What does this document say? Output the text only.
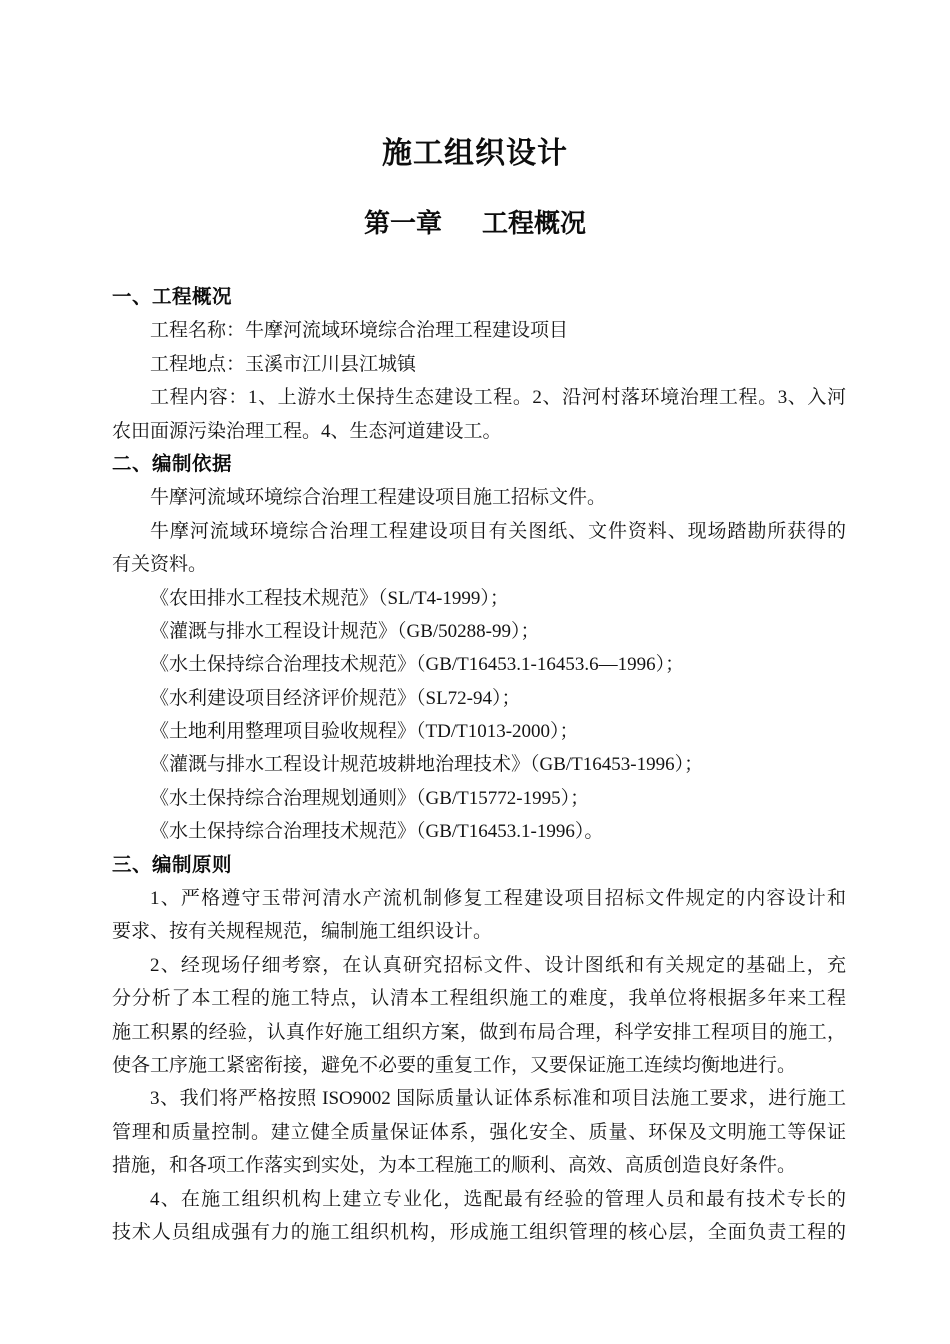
施工组织设计
第一章 工程概况
一、工程概况
工程名称：牛摩河流域环境综合治理工程建设项目
工程地点：玉溪市江川县江城镇
工程内容：1、上游水土保持生态建设工程。2、沿河村落环境治理工程。3、入河
农田面源污染治理工程。4、生态河道建设工。
二、编制依据
牛摩河流域环境综合治理工程建设项目施工招标文件。
牛摩河流域环境综合治理工程建设项目有关图纸、文件资料、现场踏勘所获得的
有关资料。
《农田排水工程技术规范》（SL/T4-1999）；
《灌溉与排水工程设计规范》（GB/50288-99）；
《水土保持综合治理技术规范》（GB/T16453.1-16453.6—1996）；
《水利建设项目经济评价规范》（SL72-94）；
《土地利用整理项目验收规程》（TD/T1013-2000）；
《灌溉与排水工程设计规范坡耕地治理技术》（GB/T16453-1996）；
《水土保持综合治理规划通则》（GB/T15772-1995）；
《水土保持综合治理技术规范》（GB/T16453.1-1996）。
三、编制原则
1、严格遵守玉带河清水产流机制修复工程建设项目招标文件规定的内容设计和
要求、按有关规程规范，编制施工组织设计。
2、经现场仔细考察，在认真研究招标文件、设计图纸和有关规定的基础上，充
分分析了本工程的施工特点，认清本工程组织施工的难度，我单位将根据多年来工程
施工积累的经验，认真作好施工组织方案，做到布局合理，科学安排工程项目的施工，
使各工序施工紧密衔接，避免不必要的重复工作，又要保证施工连续均衡地进行。
3、我们将严格按照 ISO9002 国际质量认证体系标准和项目法施工要求，进行施工
管理和质量控制。建立健全质量保证体系，强化安全、质量、环保及文明施工等保证
措施，和各项工作落实到实处，为本工程施工的顺利、高效、高质创造良好条件。
4、在施工组织机构上建立专业化，选配最有经验的管理人员和最有技术专长的
技术人员组成强有力的施工组织机构，形成施工组织管理的核心层，全面负责工程的
